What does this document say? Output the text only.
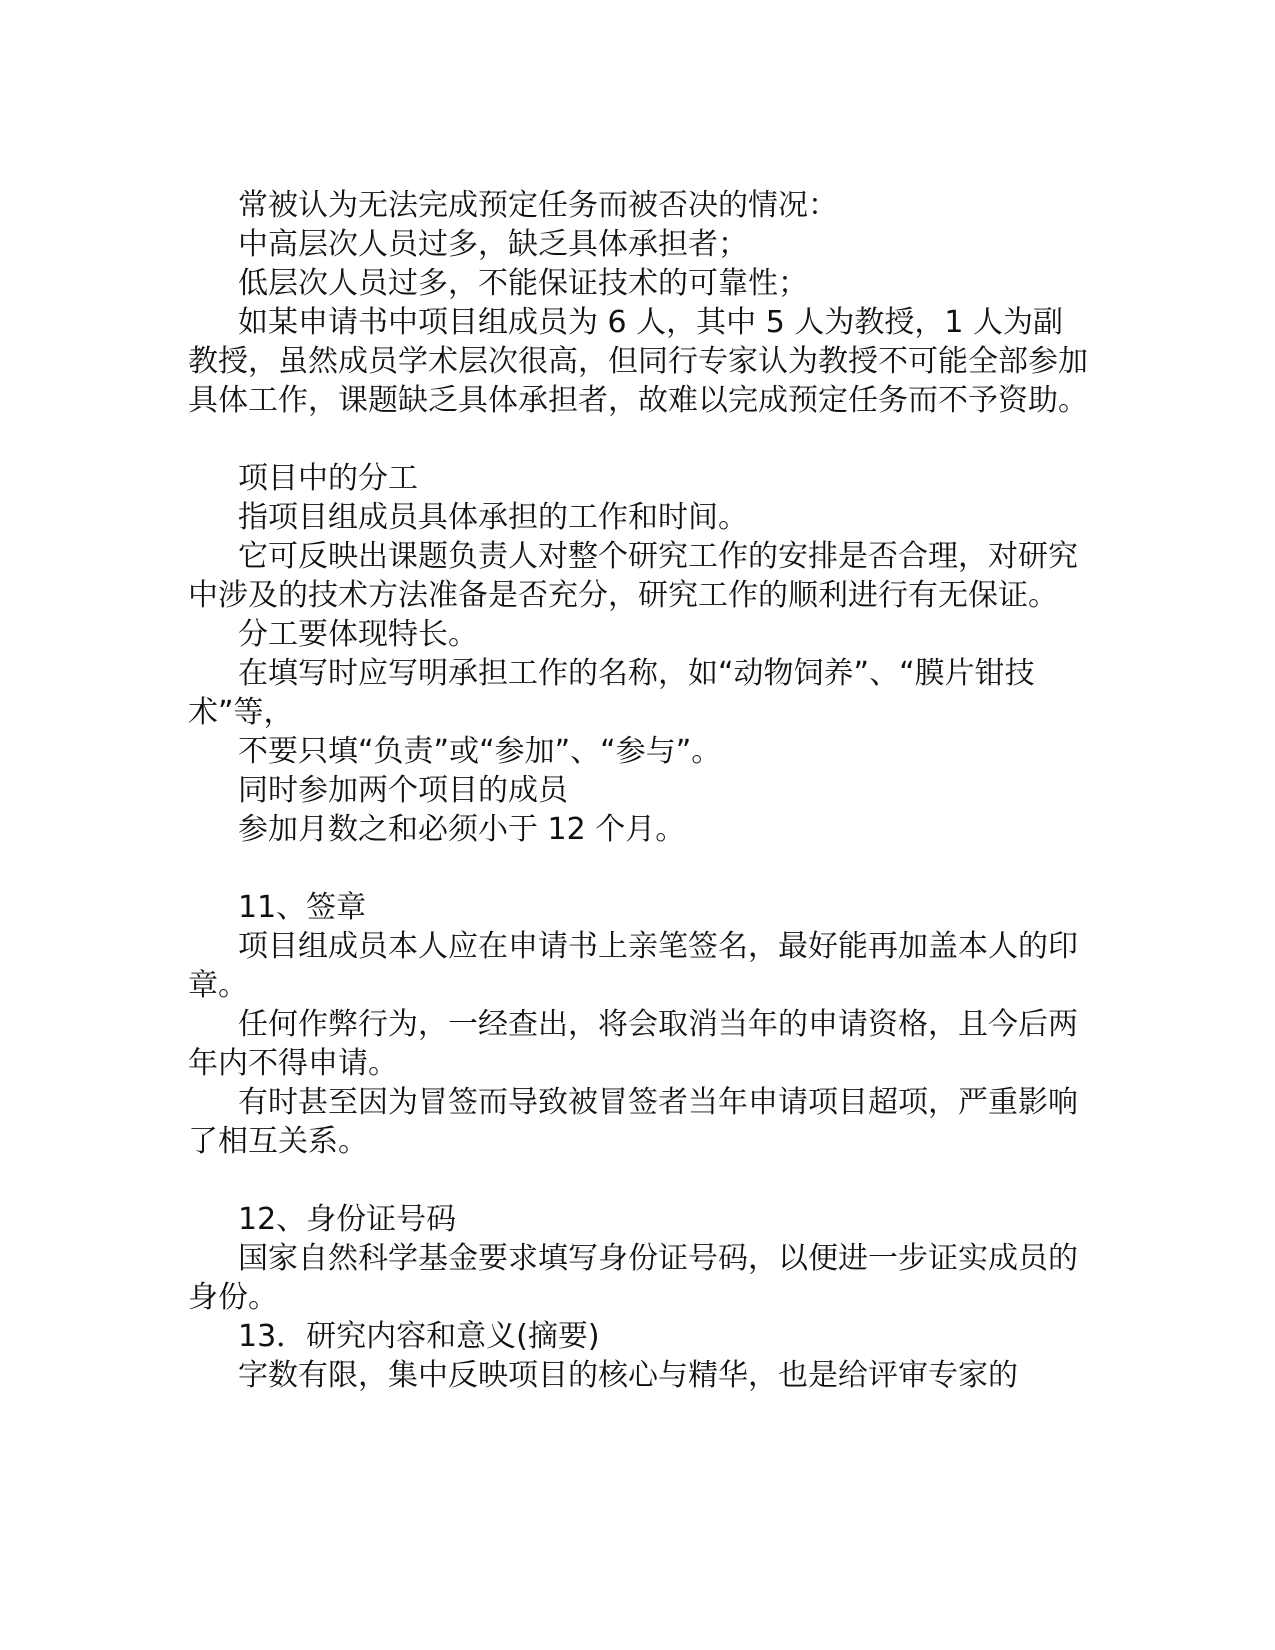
常被认为无法完成预定任务而被否决的情况：

中高层次人员过多，缺乏具体承担者；

低层次人员过多，不能保证技术的可靠性；

如某申请书中项目组成员为 6 人，其中 5 人为教授，1 人为副教授，虽然成员学术层次很高，但同行专家认为教授不可能全部参加具体工作，课题缺乏具体承担者，故难以完成预定任务而不予资助。

项目中的分工

指项目组成员具体承担的工作和时间。

它可反映出课题负责人对整个研究工作的安排是否合理，对研究中涉及的技术方法准备是否充分，研究工作的顺利进行有无保证。

分工要体现特长。

在填写时应写明承担工作的名称，如“动物饲养”、“膜片钳技术”等，

不要只填“负责”或“参加”、“参与”。

同时参加两个项目的成员

参加月数之和必须小于 12 个月。

11、签章

项目组成员本人应在申请书上亲笔签名，最好能再加盖本人的印章。

任何作弊行为，一经查出，将会取消当年的申请资格，且今后两年内不得申请。

有时甚至因为冒签而导致被冒签者当年申请项目超项，严重影响了相互关系。

12、身份证号码

国家自然科学基金要求填写身份证号码，以便进一步证实成员的身份。

13．研究内容和意义(摘要)

字数有限，集中反映项目的核心与精华，也是给评审专家的
